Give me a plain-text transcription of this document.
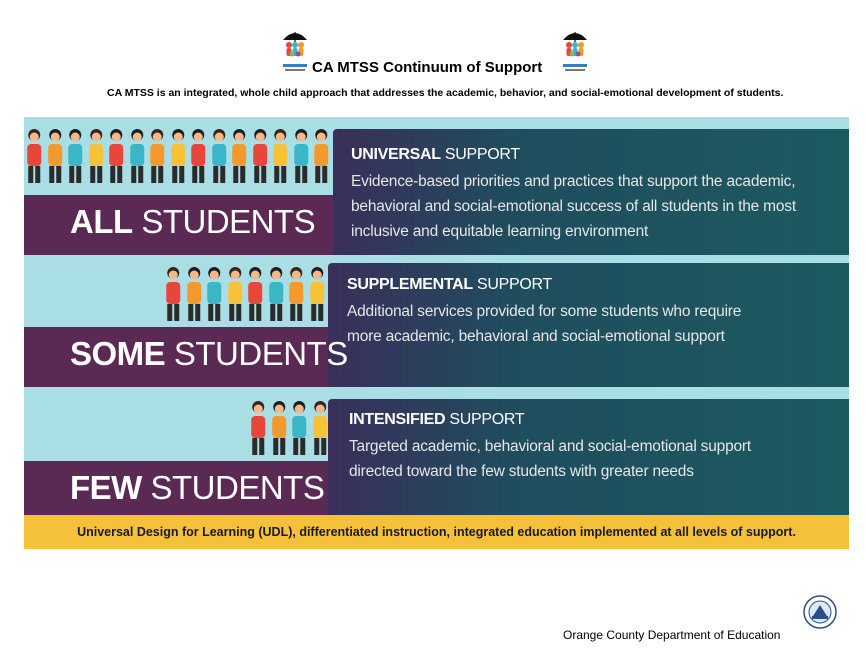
CA MTSS Continuum of Support
CA MTSS is an integrated, whole child approach that addresses the academic, behavior, and social-emotional development of students.
ALL STUDENTS
UNIVERSAL SUPPORT
Evidence-based priorities and practices that support the academic,
behavioral and social-emotional success of all students in the most
inclusive and equitable learning environment
SOME STUDENTS
SUPPLEMENTAL SUPPORT
Additional services provided for some students who require
more academic, behavioral and social-emotional support
FEW STUDENTS
INTENSIFIED SUPPORT
Targeted academic, behavioral and social-emotional support
directed toward the few students with greater needs
Universal Design for Learning (UDL), differentiated instruction, integrated education implemented at all levels of support.
Orange County Department of Education
